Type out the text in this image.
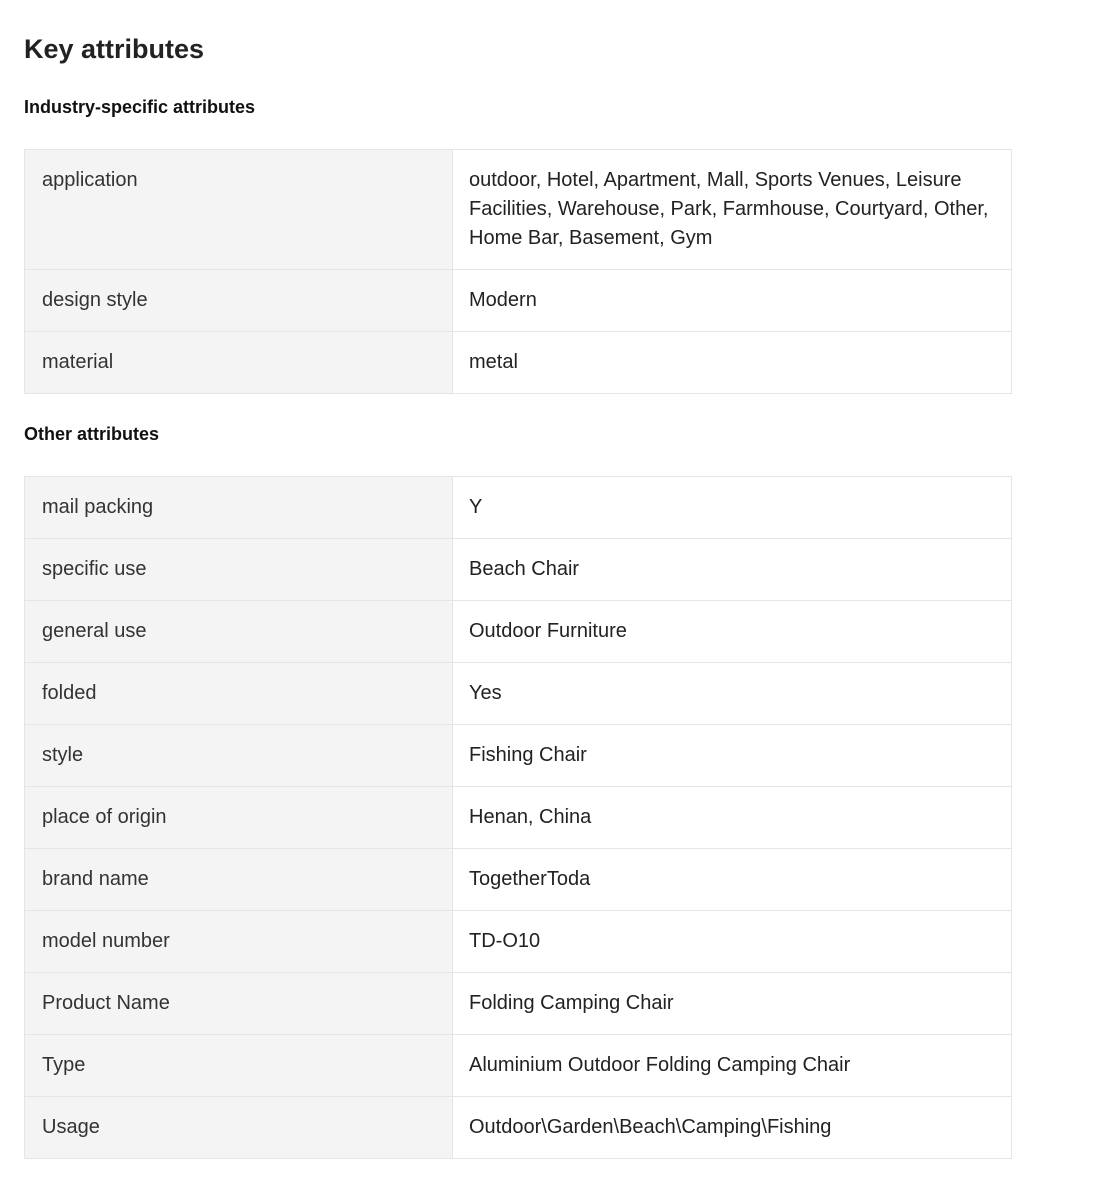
Key attributes
Industry-specific attributes
application	outdoor, Hotel, Apartment, Mall, Sports Venues, Leisure Facilities, Warehouse, Park, Farmhouse, Courtyard, Other, Home Bar, Basement, Gym
design style	Modern
material	metal
Other attributes
mail packing	Y
specific use	Beach Chair
general use	Outdoor Furniture
folded	Yes
style	Fishing Chair
place of origin	Henan, China
brand name	TogetherToda
model number	TD-O10
Product Name	Folding Camping Chair
Type	Aluminium Outdoor Folding Camping Chair
Usage	Outdoor\Garden\Beach\Camping\Fishing
